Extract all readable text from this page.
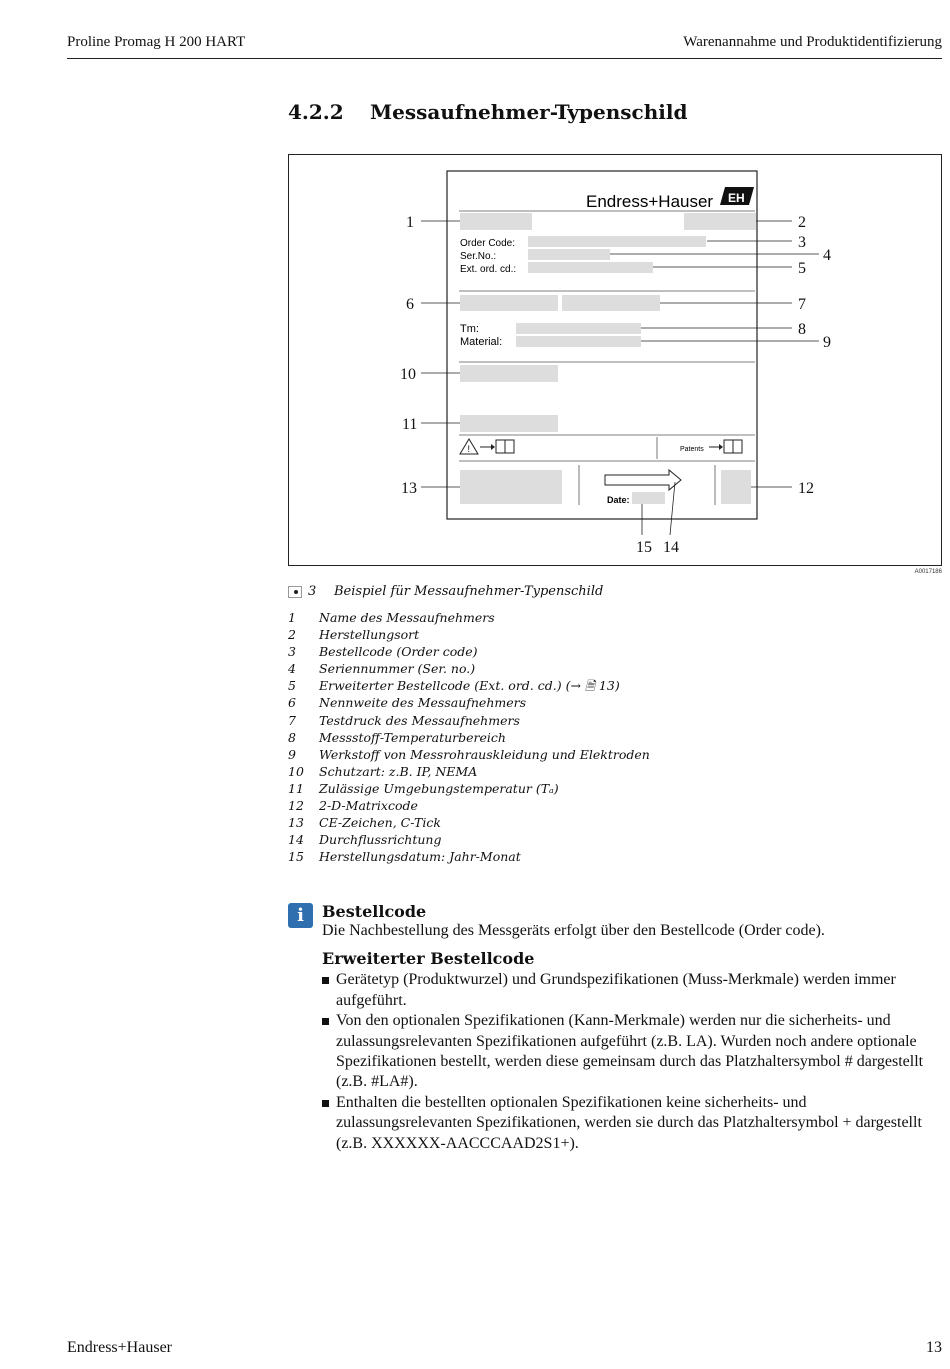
Proline Promag H 200 HART	Warenannahme und Produktidentifizierung
4.2.2 Messaufnehmer-Typenschild
Endress+Hauser EH
Order Code:
Ser.No.:
Ext. ord. cd.:
Tm:
Material:
!	Patents
Date:
1	2
3
4
5
6	7
8
9
10
11
12
13
14
15
A0017186
3 Beispiel für Messaufnehmer-Typenschild
1 Name des Messaufnehmers
2 Herstellungsort
3 Bestellcode (Order code)
4 Seriennummer (Ser. no.)
5 Erweiterter Bestellcode (Ext. ord. cd.) (→ 🗎 13)
6 Nennweite des Messaufnehmers
7 Testdruck des Messaufnehmers
8 Messstoff-Temperaturbereich
9 Werkstoff von Messrohrauskleidung und Elektroden
10 Schutzart: z.B. IP, NEMA
11 Zulässige Umgebungstemperatur (Tₐ)
12 2-D-Matrixcode
13 CE-Zeichen, C-Tick
14 Durchflussrichtung
15 Herstellungsdatum: Jahr-Monat
i	Bestellcode
Die Nachbestellung des Messgeräts erfolgt über den Bestellcode (Order code).
Erweiterter Bestellcode
Gerätetyp (Produktwurzel) und Grundspezifikationen (Muss-Merkmale) werden immer aufgeführt.
Von den optionalen Spezifikationen (Kann-Merkmale) werden nur die sicherheits- und zulassungsrelevanten Spezifikationen aufgeführt (z.B. LA). Wurden noch andere optionale Spezifikationen bestellt, werden diese gemeinsam durch das Platzhaltersymbol # dargestellt (z.B. #LA#).
Enthalten die bestellten optionalen Spezifikationen keine sicherheits- und zulassungsrelevanten Spezifikationen, werden sie durch das Platzhaltersymbol + dargestellt (z.B. XXXXXX-AACCCAAD2S1+).
Endress+Hauser	13
